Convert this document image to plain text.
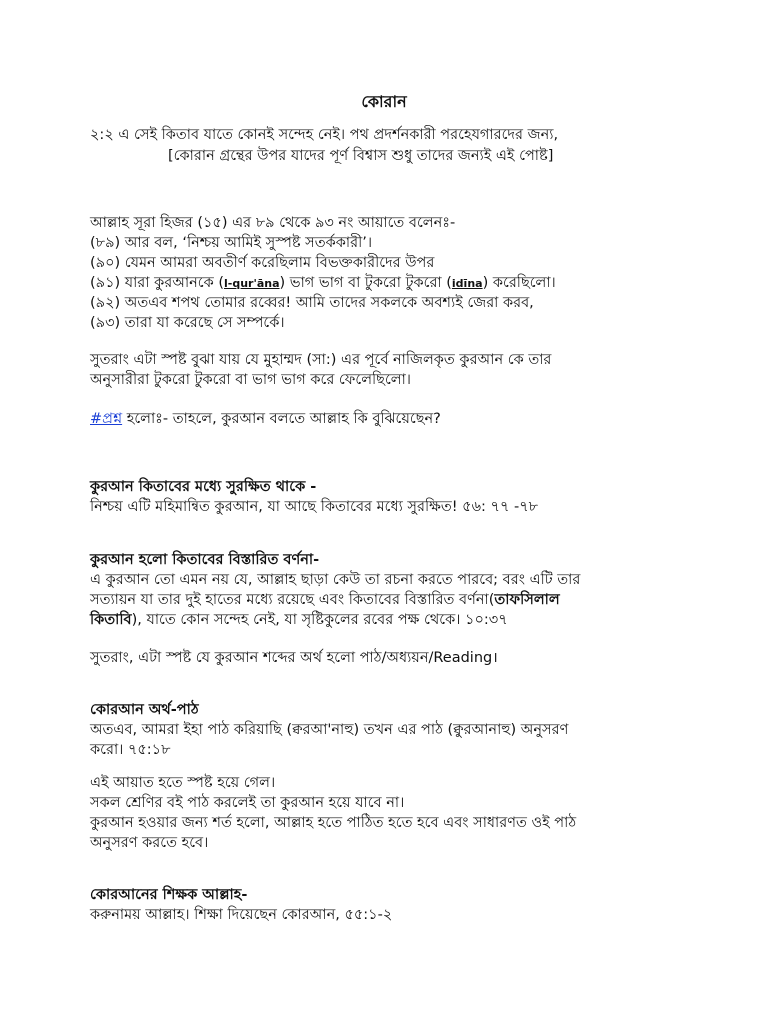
কোরান
২:২ এ সেই কিতাব যাতে কোনই সন্দেহ নেই। পথ প্রদর্শনকারী পরহেযগারদের জন্য,
[কোরান গ্রন্থের উপর যাদের পূর্ণ বিশ্বাস শুধু তাদের জন্যই এই পোষ্ট]
আল্লাহ সূরা হিজর (১৫) এর ৮৯ থেকে ৯৩ নং আয়াতে বলেনঃ-
(৮৯) আর বল, ‘নিশ্চয় আমিই সুস্পষ্ট সতর্ককারী’।
(৯০) যেমন আমরা অবতীর্ণ করেছিলাম বিভক্তকারীদের উপর
(৯১) যারা কুরআনকে (l-qur'āna) ভাগ ভাগ বা টুকরো টুকরো (idīna) করেছিলো।
(৯২) অতএব শপথ তোমার রব্বের! আমি তাদের সকলকে অবশ্যই জেরা করব,
(৯৩) তারা যা করেছে সে সম্পর্কে।
সুতরাং এটা স্পষ্ট বুঝা যায় যে মুহাম্মদ (সা:) এর পূর্বে নাজিলকৃত কুরআন কে তার
অনুসারীরা টুকরো টুকরো বা ভাগ ভাগ করে ফেলেছিলো।
#প্রশ্ন হলোঃ- তাহলে, কুরআন বলতে আল্লাহ কি বুঝিয়েছেন?
কুরআন কিতাবের মধ্যে সুরক্ষিত থাকে -
নিশ্চয় এটি মহিমান্বিত কুরআন, যা আছে কিতাবের মধ্যে সুরক্ষিত! ৫৬: ৭৭ -৭৮
কুরআন হলো কিতাবের বিস্তারিত বর্ণনা-
এ কুরআন তো এমন নয় যে, আল্লাহ ছাড়া কেউ তা রচনা করতে পারবে; বরং এটি তার
সত্যায়ন যা তার দুই হাতের মধ্যে রয়েছে এবং কিতাবের বিস্তারিত বর্ণনা(তাফসিলাল
কিতাবি), যাতে কোন সন্দেহ নেই, যা সৃষ্টিকুলের রবের পক্ষ থেকে। ১০:৩৭
সুতরাং, এটা স্পষ্ট যে কুরআন শব্দের অর্থ হলো পাঠ/অধ্যয়ন/Reading।
কোরআন অর্থ-পাঠ
অতএব, আমরা ইহা পাঠ করিয়াছি (ক্বরআ'নাহু) তখন এর পাঠ (ক্বুরআনাহু) অনুসরণ
করো। ৭৫:১৮
এই আয়াত হতে স্পষ্ট হয়ে গেল।
সকল শ্রেণির বই পাঠ করলেই তা কুরআন হয়ে যাবে না।
কুরআন হওয়ার জন্য শর্ত হলো, আল্লাহ হতে পাঠিত হতে হবে এবং সাধারণত ওই পাঠ
অনুসরণ করতে হবে।
কোরআনের শিক্ষক আল্লাহ-
করুনাময় আল্লাহ। শিক্ষা দিয়েছেন কোরআন, ৫৫:১-২
